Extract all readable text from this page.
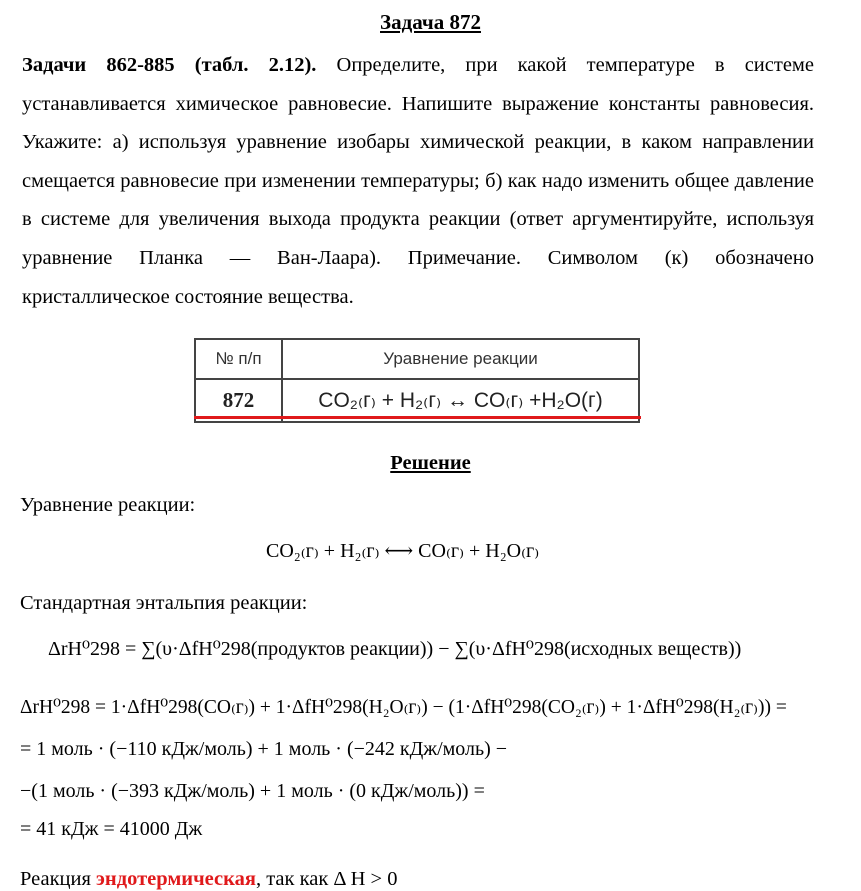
Задача 872
Задачи 862-885 (табл. 2.12). Определите, при какой температуре в системе устанавливается химическое равновесие. Напишите выражение константы равновесия. Укажите: а) используя уравнение изобары химической реакции, в каком направлении смещается равновесие при изменении температуры; б) как надо изменить общее давление в системе для увеличения выхода продукта реакции (ответ аргументируйте, используя уравнение Планка — Ван-Лаара). Примечание. Символом (к) обозначено кристаллическое состояние вещества.
№ п/п	Уравнение реакции
872	CO₂₍г₎ + H₂₍г₎ ↔ CO₍г₎ +H₂O(г)
Решение
Уравнение реакции:
CO₂₍г₎ + H₂₍г₎ ⟷ CO₍г₎ + H₂O₍г₎
Стандартная энтальпия реакции:
ΔrH⁰298 = ∑(υ·ΔfH⁰298(продуктов реакции)) − ∑(υ·ΔfH⁰298(исходных веществ))
ΔrH⁰298 = 1·ΔfH⁰298(CO₍г₎) + 1·ΔfH⁰298(H₂O₍г₎) − (1·ΔfH⁰298(CO₂₍г₎) + 1·ΔfH⁰298(H₂₍г₎)) =
= 1 моль · (−110 кДж/моль) + 1 моль · (−242 кДж/моль) −
−(1 моль · (−393 кДж/моль) + 1 моль · (0 кДж/моль)) =
= 41 кДж = 41000 Дж
Реакция эндотермическая, так как Δ H > 0
